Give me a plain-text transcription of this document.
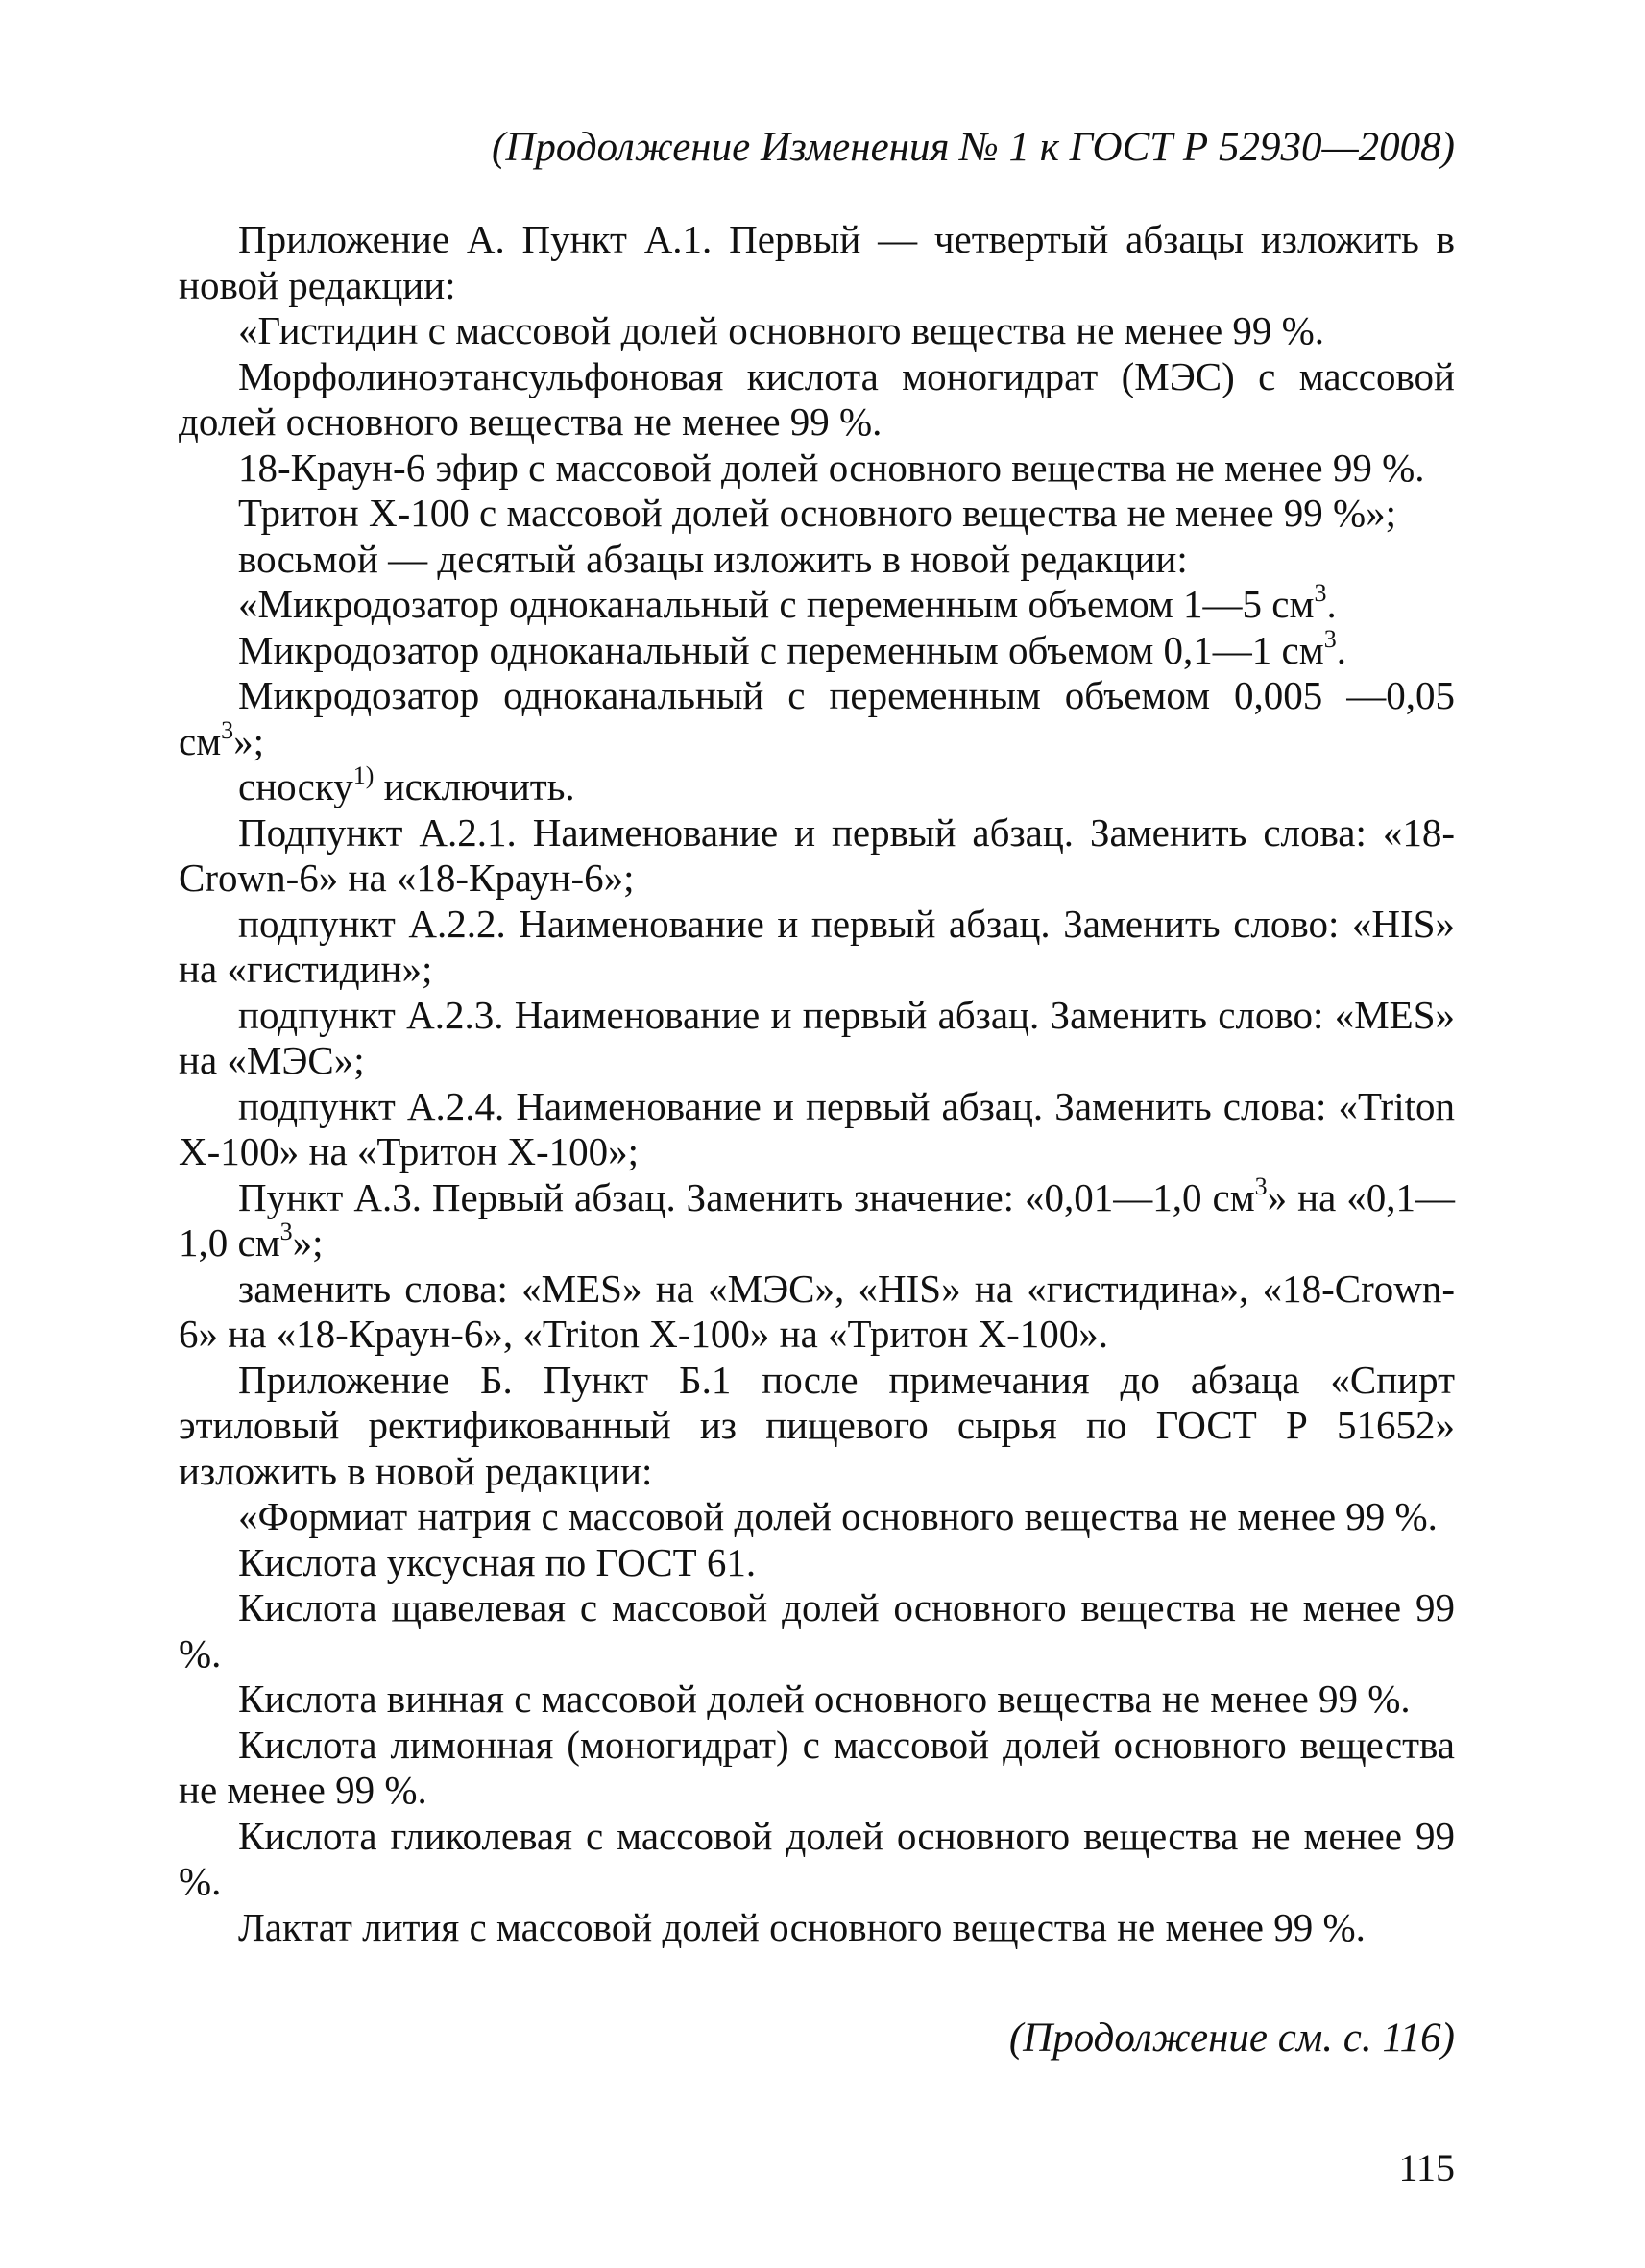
(Продолжение Изменения № 1 к ГОСТ Р 52930—2008)

Приложение А. Пункт А.1. Первый — четвертый абзацы изложить в новой редакции:

«Гистидин с массовой долей основного вещества не менее 99 %.

Морфолиноэтансульфоновая кислота моногидрат (МЭС) с массовой долей основного вещества не менее 99 %.

18-Краун-6 эфир с массовой долей основного вещества не менее 99 %.

Тритон Х-100 с массовой долей основного вещества не менее 99 %»;

восьмой — десятый абзацы изложить в новой редакции:

«Микродозатор одноканальный с переменным объемом 1—5 $см^3$.

Микродозатор одноканальный с переменным объемом 0,1—1 $см^3$.

Микродозатор одноканальный с переменным объемом 0,005 —0,05 $см^3$»;

сноску$^{1)}$ исключить.

Подпункт А.2.1. Наименование и первый абзац. Заменить слова: «18-Crown-6» на «18-Краун-6»;

подпункт А.2.2. Наименование и первый абзац. Заменить слово: «HIS» на «гистидин»;

подпункт А.2.3. Наименование и первый абзац. Заменить слово: «MES» на «МЭС»;

подпункт А.2.4. Наименование и первый абзац. Заменить слова: «Triton X-100» на «Тритон Х-100»;

Пункт А.3. Первый абзац. Заменить значение: «0,01—1,0 $см^3$» на «0,1—1,0 $см^3$»;

заменить слова: «MES» на «МЭС», «HIS» на «гистидина», «18-Crown-6» на «18-Краун-6», «Triton X-100» на «Тритон Х-100».

Приложение Б. Пункт Б.1 после примечания до абзаца «Спирт этиловый ректификованный из пищевого сырья по ГОСТ Р 51652» изложить в новой редакции:

«Формиат натрия с массовой долей основного вещества не менее 99 %.

Кислота уксусная по ГОСТ 61.

Кислота щавелевая с массовой долей основного вещества не менее 99 %.

Кислота винная с массовой долей основного вещества не менее 99 %.

Кислота лимонная (моногидрат) с массовой долей основного вещества не менее 99 %.

Кислота гликолевая с массовой долей основного вещества не менее 99 %.

Лактат лития с массовой долей основного вещества не менее 99 %.

(Продолжение см. с. 116)
115
